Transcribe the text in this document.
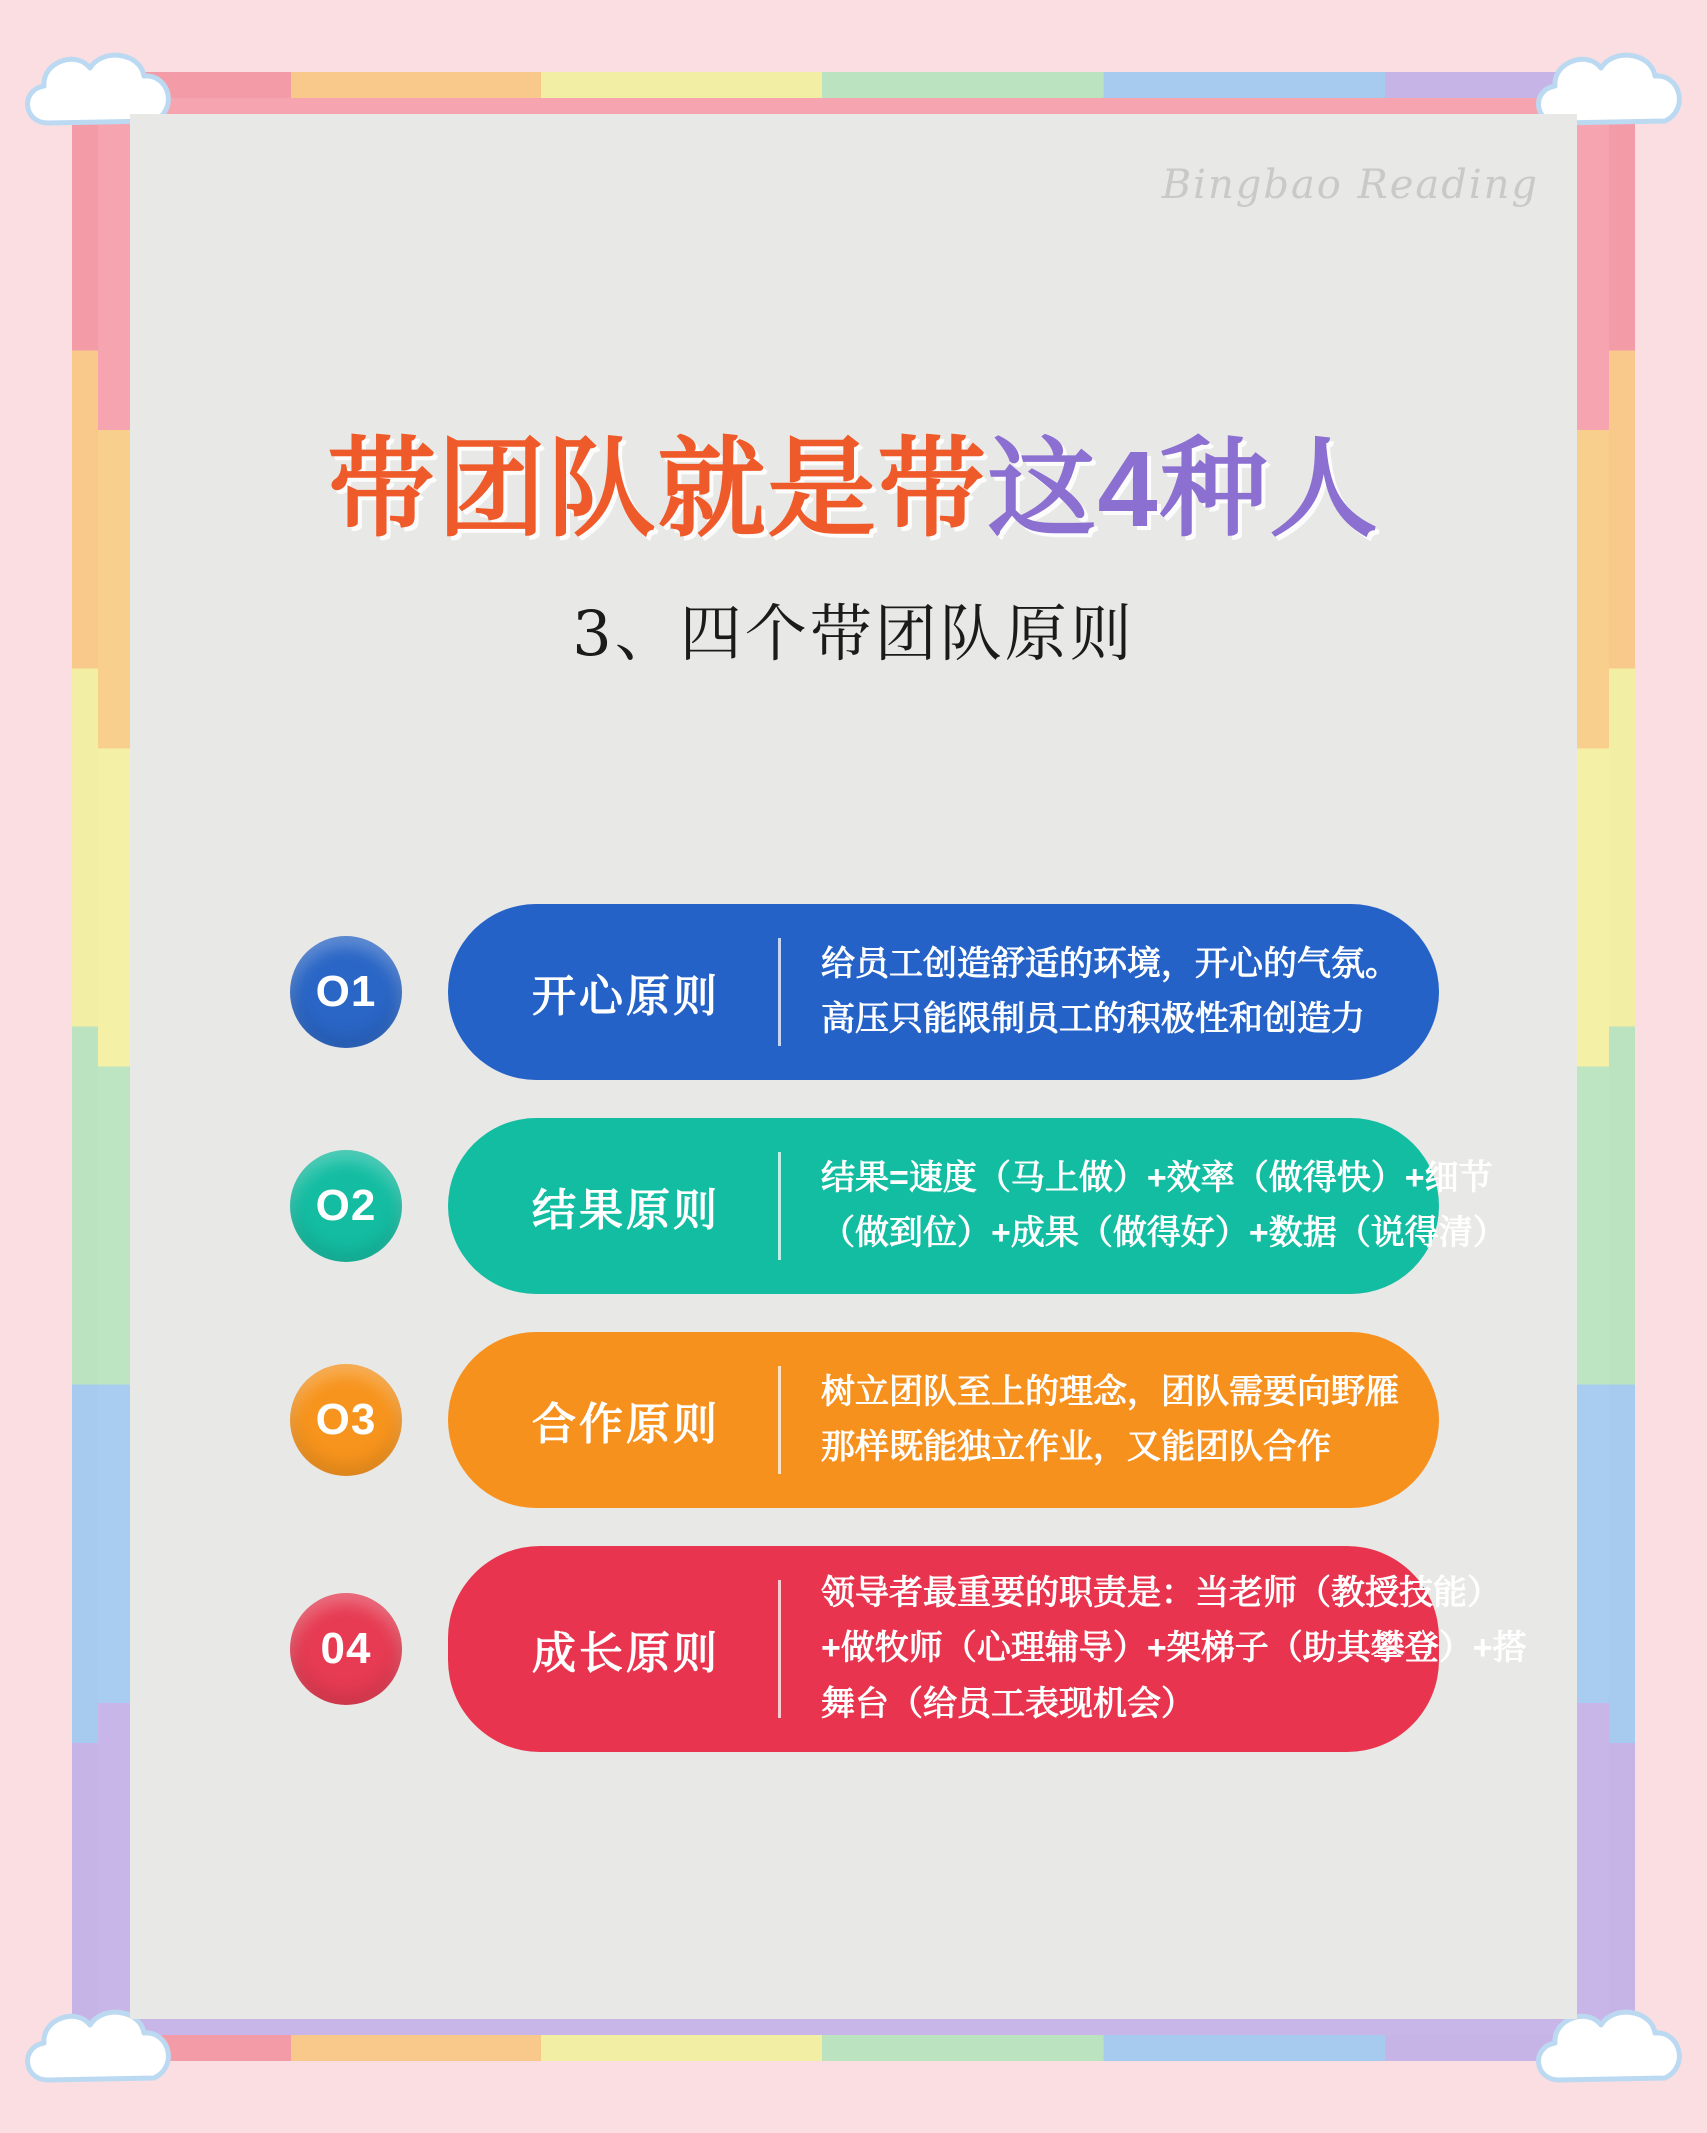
Bingbao Reading
带团队就是带这4种人
3、四个带团队原则
O1	开心原则
给员工创造舒适的环境，开心的气氛。
高压只能限制员工的积极性和创造力
O2	结果原则
结果=速度（马上做）+效率（做得快）+细节
（做到位）+成果（做得好）+数据（说得清）
O3	合作原则
树立团队至上的理念，团队需要向野雁
那样既能独立作业，又能团队合作
04	成长原则
领导者最重要的职责是：当老师（教授技能）
+做牧师（心理辅导）+架梯子（助其攀登）+搭
舞台（给员工表现机会）
